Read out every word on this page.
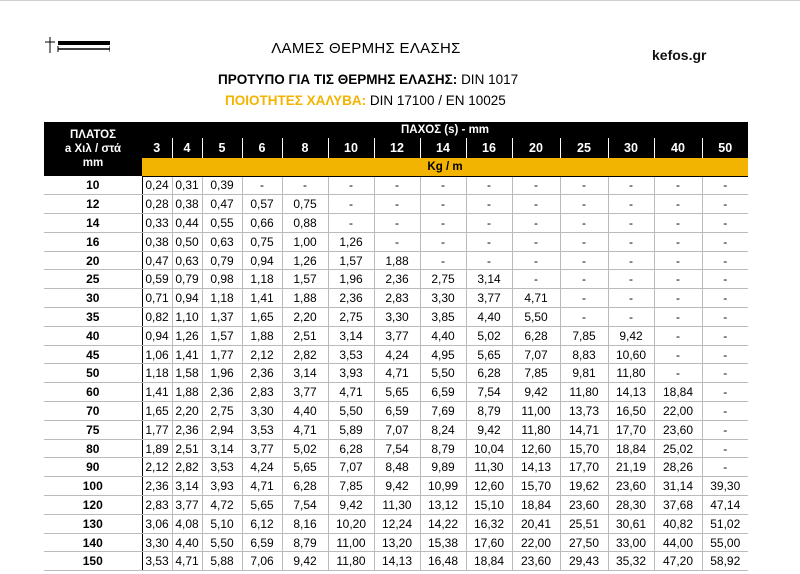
ΛΑΜΕΣ ΘΕΡΜΗΣ ΕΛΑΣΗΣ	kefos.gr
ΠΡΟΤΥΠΟ ΓΙΑ ΤΙΣ ΘΕΡΜΗΣ ΕΛΑΣΗΣ: DIN 1017
ΠΟΙΟΤΗΤΕΣ ΧΑΛΥΒΑ: DIN 17100 / EN 10025
ΠΛΑΤΟΣ
a Χιλ / στά
mm	ΠΑΧΟΣ (s) - mm													
	3	4	5	6	8	10	12	14	16	20	25	30	40	50
	Kg / m													
10	0,24	0,31	0,39	-	-	-	-	-	-	-	-	-	-	-
12	0,28	0,38	0,47	0,57	0,75	-	-	-	-	-	-	-	-	-
14	0,33	0,44	0,55	0,66	0,88	-	-	-	-	-	-	-	-	-
16	0,38	0,50	0,63	0,75	1,00	1,26	-	-	-	-	-	-	-	-
20	0,47	0,63	0,79	0,94	1,26	1,57	1,88	-	-	-	-	-	-	-
25	0,59	0,79	0,98	1,18	1,57	1,96	2,36	2,75	3,14	-	-	-	-	-
30	0,71	0,94	1,18	1,41	1,88	2,36	2,83	3,30	3,77	4,71	-	-	-	-
35	0,82	1,10	1,37	1,65	2,20	2,75	3,30	3,85	4,40	5,50	-	-	-	-
40	0,94	1,26	1,57	1,88	2,51	3,14	3,77	4,40	5,02	6,28	7,85	9,42	-	-
45	1,06	1,41	1,77	2,12	2,82	3,53	4,24	4,95	5,65	7,07	8,83	10,60	-	-
50	1,18	1,58	1,96	2,36	3,14	3,93	4,71	5,50	6,28	7,85	9,81	11,80	-	-
60	1,41	1,88	2,36	2,83	3,77	4,71	5,65	6,59	7,54	9,42	11,80	14,13	18,84	-
70	1,65	2,20	2,75	3,30	4,40	5,50	6,59	7,69	8,79	11,00	13,73	16,50	22,00	-
75	1,77	2,36	2,94	3,53	4,71	5,89	7,07	8,24	9,42	11,80	14,71	17,70	23,60	-
80	1,89	2,51	3,14	3,77	5,02	6,28	7,54	8,79	10,04	12,60	15,70	18,84	25,02	-
90	2,12	2,82	3,53	4,24	5,65	7,07	8,48	9,89	11,30	14,13	17,70	21,19	28,26	-
100	2,36	3,14	3,93	4,71	6,28	7,85	9,42	10,99	12,60	15,70	19,62	23,60	31,14	39,30
120	2,83	3,77	4,72	5,65	7,54	9,42	11,30	13,12	15,10	18,84	23,60	28,30	37,68	47,14
130	3,06	4,08	5,10	6,12	8,16	10,20	12,24	14,22	16,32	20,41	25,51	30,61	40,82	51,02
140	3,30	4,40	5,50	6,59	8,79	11,00	13,20	15,38	17,60	22,00	27,50	33,00	44,00	55,00
150	3,53	4,71	5,88	7,06	9,42	11,80	14,13	16,48	18,84	23,60	29,43	35,32	47,20	58,92
